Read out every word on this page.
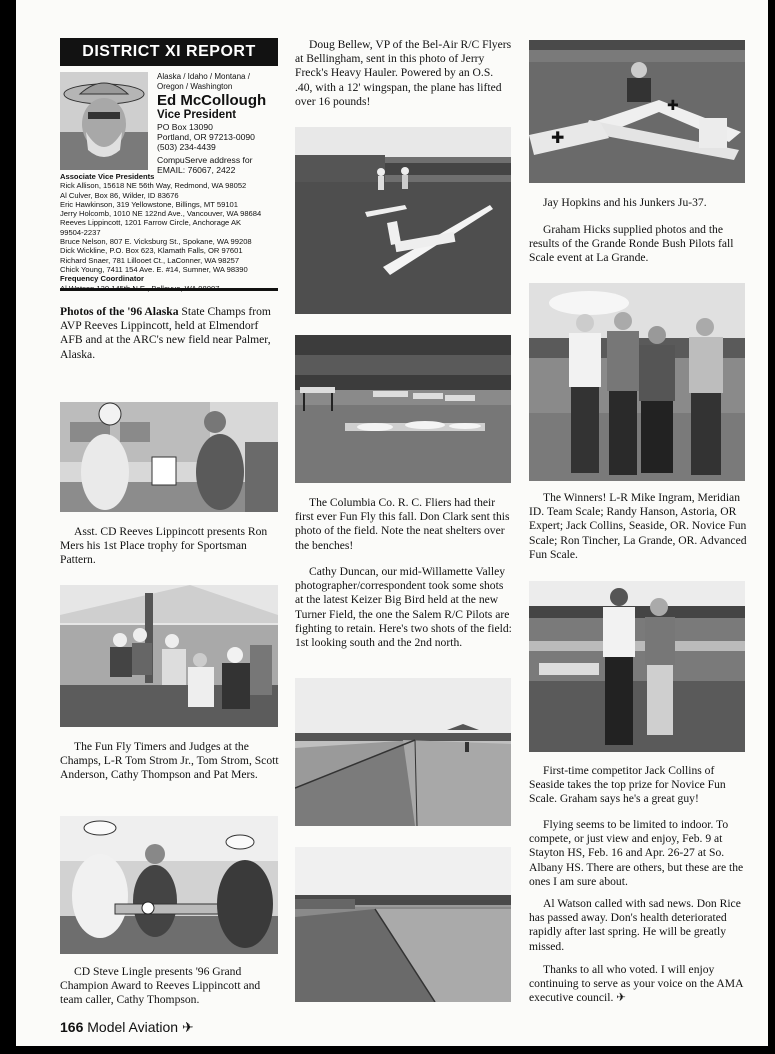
DISTRICT XI REPORT
Alaska / Idaho / Montana /
Oregon / Washington
Ed McCollough
Vice President
PO Box 13090
Portland, OR 97213-0090
(503) 234-4439
CompuServe address for
EMAIL: 76067, 2422
Associate Vice Presidents
Rick Allison, 15618 NE 56th Way, Redmond, WA 98052
Al Culver, Box 86, Wilder, ID 83676
Eric Hawkinson, 319 Yellowstone, Billings, MT 59101
Jerry Holcomb, 1010 NE 122nd Ave., Vancouver, WA 98684
Reeves Lippincott, 1201 Farrow Circle, Anchorage AK
99504-2237
Bruce Nelson, 807 E. Vicksburg St., Spokane, WA 99208
Dick Wickline, P.O. Box 623, Klamath Falls, OR 97601
Richard Snaer, 781 Lillooet Ct., LaConner, WA 98257
Chick Young, 7411 154 Ave. E. #14, Sumner, WA 98390
Frequency Coordinator

Photos of the '96 Alaska State Champs from AVP Reeves Lippincott, held at Elmendorf AFB and at the ARC's new field near Palmer, Alaska.

Asst. CD Reeves Lippincott presents Ron Mers his 1st Place trophy for Sportsman Pattern.

The Fun Fly Timers and Judges at the Champs, L-R Tom Strom Jr., Tom Strom, Scott Anderson, Cathy Thompson and Pat Mers.

CD Steve Lingle presents '96 Grand Champion Award to Reeves Lippincott and team caller, Cathy Thompson.

Doug Bellew, VP of the Bel-Air R/C Flyers at Bellingham, sent in this photo of Jerry Freck's Heavy Hauler. Powered by an O.S. .40, with a 12' wingspan, the plane has lifted over 16 pounds!

The Columbia Co. R. C. Fliers had their first ever Fun Fly this fall. Don Clark sent this photo of the field. Note the neat shelters over the benches!

Cathy Duncan, our mid-Willamette Valley photographer/correspondent took some shots at the latest Keizer Big Bird held at the new Turner Field, the one the Salem R/C Pilots are fighting to retain. Here's two shots of the field: 1st looking south and the 2nd north.

✚
✚

Jay Hopkins and his Junkers Ju-37.

Graham Hicks supplied photos and the results of the Grande Ronde Bush Pilots fall Scale event at La Grande.

The Winners! L-R Mike Ingram, Meridian ID. Team Scale; Randy Hanson, Astoria, OR Expert; Jack Collins, Seaside, OR. Novice Fun Scale; Ron Tincher, La Grande, OR. Advanced Fun Scale.

First-time competitor Jack Collins of Seaside takes the top prize for Novice Fun Scale. Graham says he's a great guy!

Flying seems to be limited to indoor. To compete, or just view and enjoy, Feb. 9 at Stayton HS, Feb. 16 and Apr. 26-27 at So. Albany HS. There are others, but these are the ones I am sure about.

Al Watson called with sad news. Don Rice has passed away. Don's health deteriorated rapidly after last spring. He will be greatly missed.

Thanks to all who voted. I will enjoy continuing to serve as your voice on the AMA executive council. ✈

166 Model Aviation ✈
